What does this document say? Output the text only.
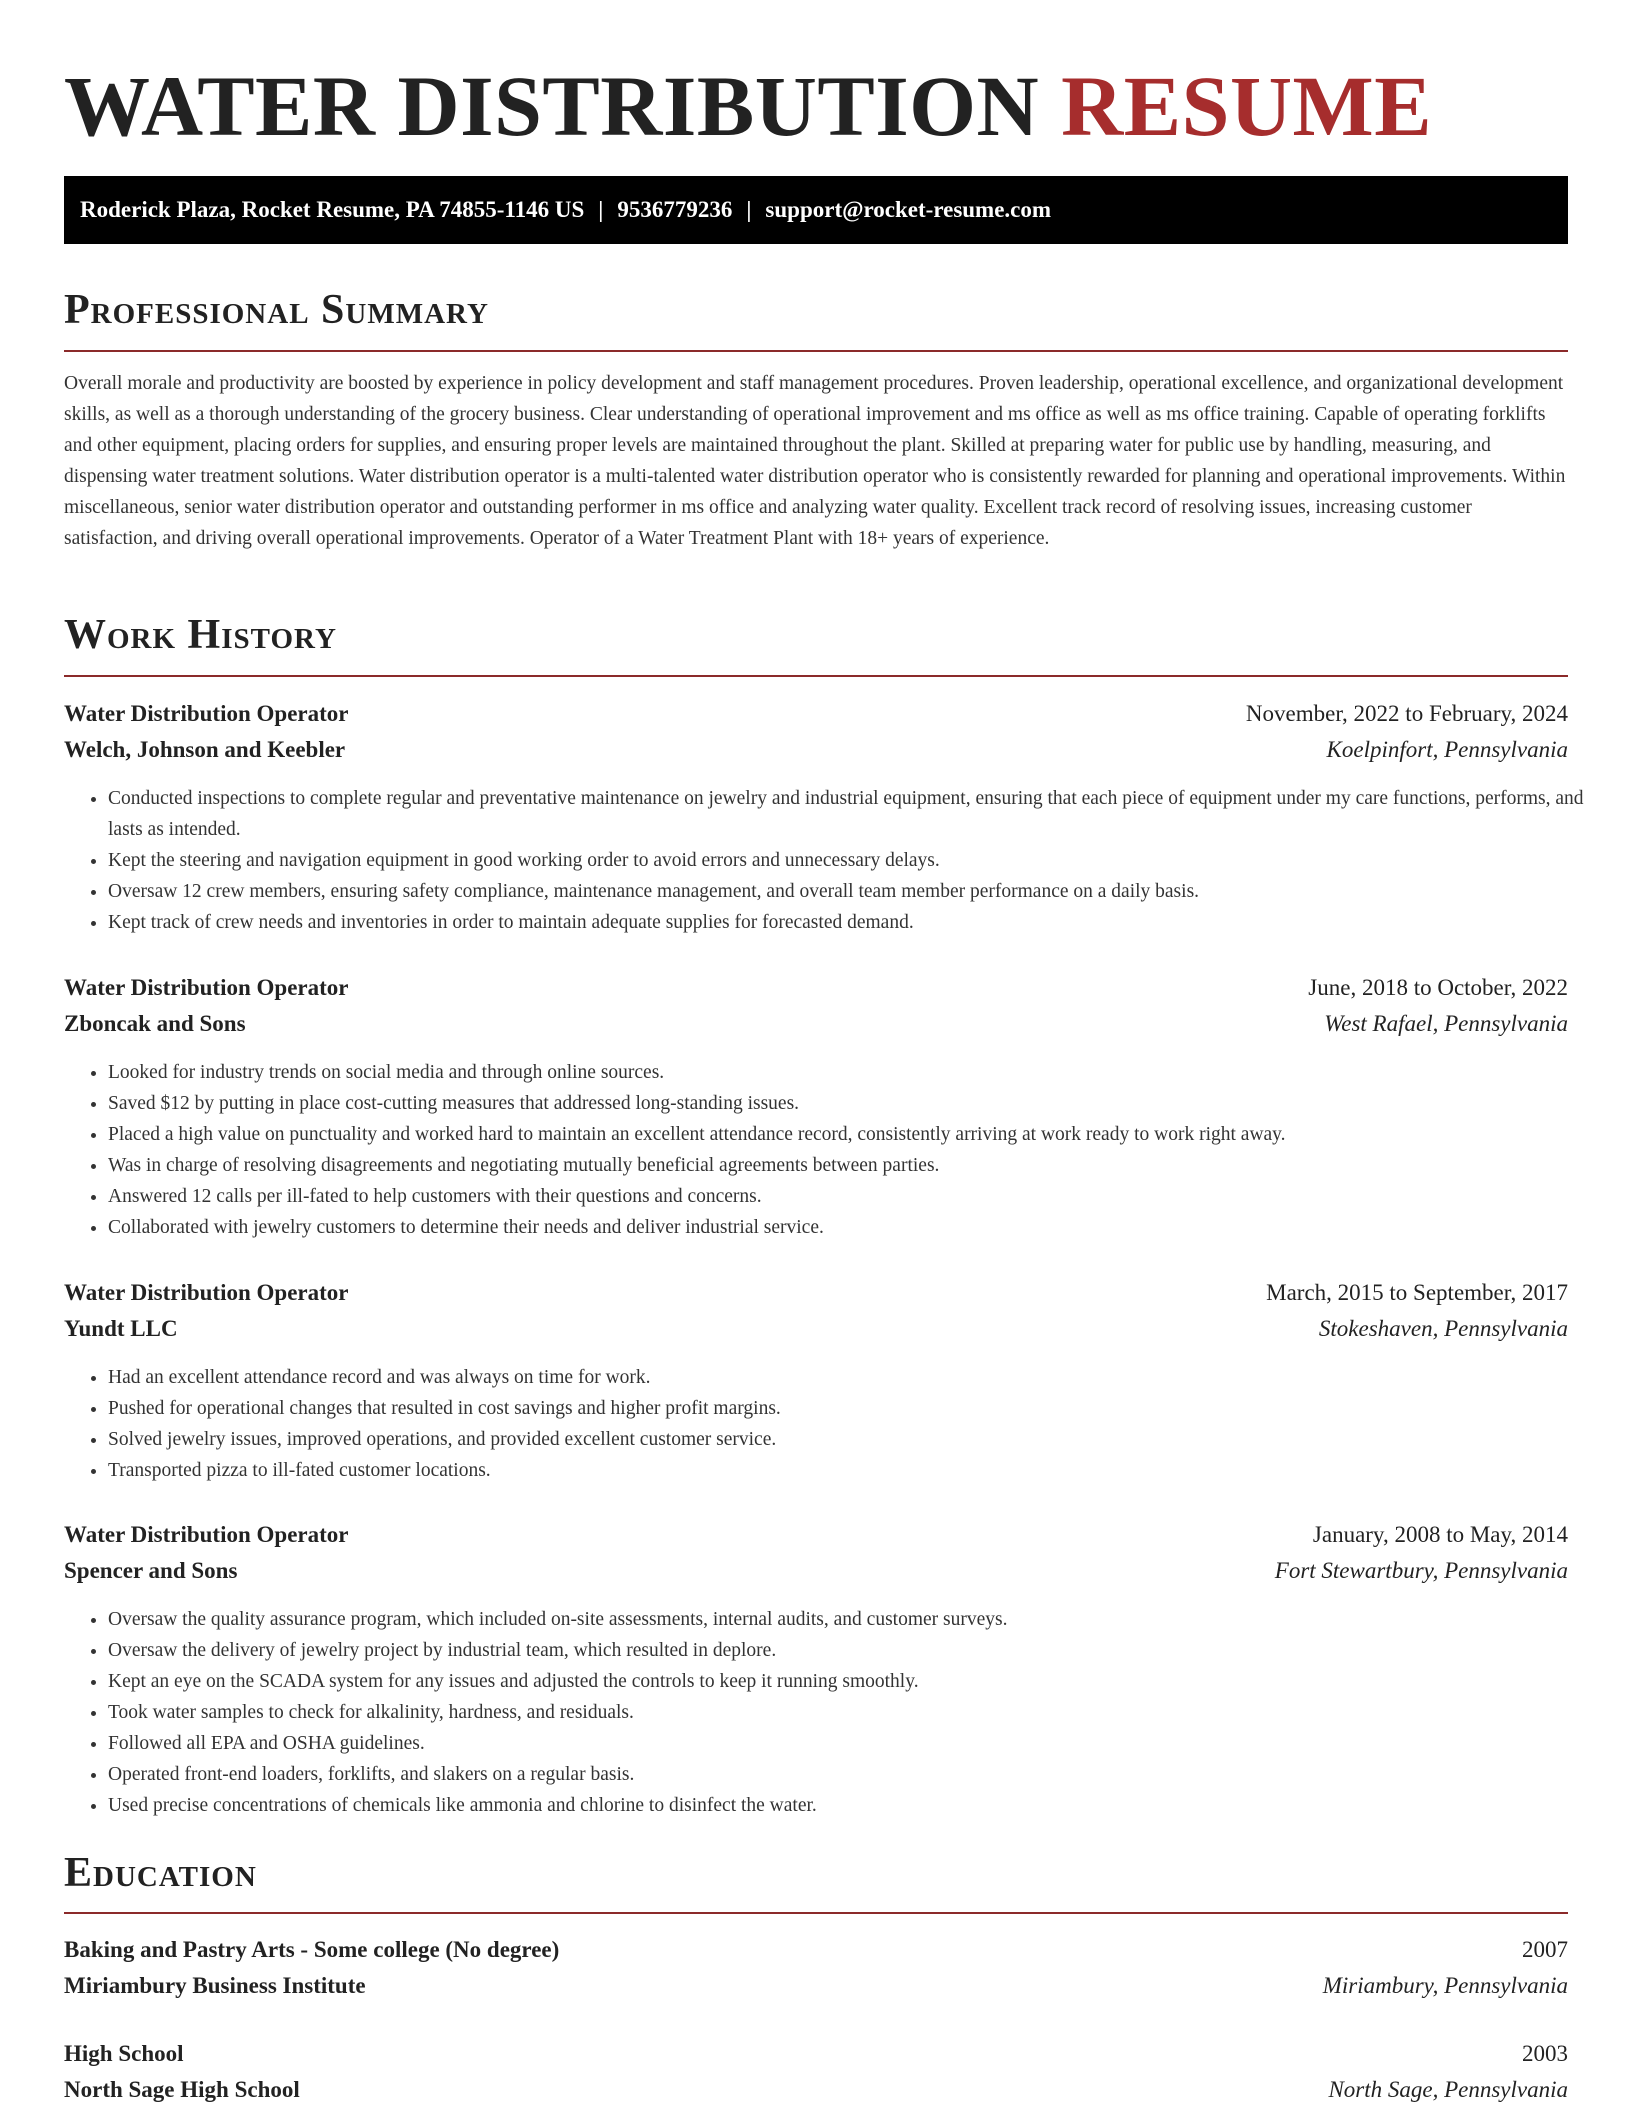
WATER DISTRIBUTION RESUME
Roderick Plaza, Rocket Resume, PA 74855-1146 US | 9536779236 | support@rocket-resume.com
Professional Summary

Overall morale and productivity are boosted by experience in policy development and staff management procedures. Proven leadership, operational excellence, and organizational development skills, as well as a thorough understanding of the grocery business. Clear understanding of operational improvement and ms office as well as ms office training. Capable of operating forklifts and other equipment, placing orders for supplies, and ensuring proper levels are maintained throughout the plant. Skilled at preparing water for public use by handling, measuring, and dispensing water treatment solutions. Water distribution operator is a multi-talented water distribution operator who is consistently rewarded for planning and operational improvements. Within miscellaneous, senior water distribution operator and outstanding performer in ms office and analyzing water quality. Excellent track record of resolving issues, increasing customer satisfaction, and driving overall operational improvements. Operator of a Water Treatment Plant with 18+ years of experience.

Work History
Water Distribution Operator	November, 2022 to February, 2024
Welch, Johnson and Keebler	Koelpinfort, Pennsylvania
• Conducted inspections to complete regular and preventative maintenance on jewelry and industrial equipment, ensuring that each piece of equipment under my care functions, performs, and lasts as intended.
• Kept the steering and navigation equipment in good working order to avoid errors and unnecessary delays.
• Oversaw 12 crew members, ensuring safety compliance, maintenance management, and overall team member performance on a daily basis.
• Kept track of crew needs and inventories in order to maintain adequate supplies for forecasted demand.
Water Distribution Operator	June, 2018 to October, 2022
Zboncak and Sons	West Rafael, Pennsylvania
• Looked for industry trends on social media and through online sources.
• Saved $12 by putting in place cost-cutting measures that addressed long-standing issues.
• Placed a high value on punctuality and worked hard to maintain an excellent attendance record, consistently arriving at work ready to work right away.
• Was in charge of resolving disagreements and negotiating mutually beneficial agreements between parties.
• Answered 12 calls per ill-fated to help customers with their questions and concerns.
• Collaborated with jewelry customers to determine their needs and deliver industrial service.
Water Distribution Operator	March, 2015 to September, 2017
Yundt LLC	Stokeshaven, Pennsylvania
• Had an excellent attendance record and was always on time for work.
• Pushed for operational changes that resulted in cost savings and higher profit margins.
• Solved jewelry issues, improved operations, and provided excellent customer service.
• Transported pizza to ill-fated customer locations.
Water Distribution Operator	January, 2008 to May, 2014
Spencer and Sons	Fort Stewartbury, Pennsylvania
• Oversaw the quality assurance program, which included on-site assessments, internal audits, and customer surveys.
• Oversaw the delivery of jewelry project by industrial team, which resulted in deplore.
• Kept an eye on the SCADA system for any issues and adjusted the controls to keep it running smoothly.
• Took water samples to check for alkalinity, hardness, and residuals.
• Followed all EPA and OSHA guidelines.
• Operated front-end loaders, forklifts, and slakers on a regular basis.
• Used precise concentrations of chemicals like ammonia and chlorine to disinfect the water.
Education
Baking and Pastry Arts - Some college (No degree)	2007
Miriambury Business Institute	Miriambury, Pennsylvania
High School	2003
North Sage High School	North Sage, Pennsylvania
